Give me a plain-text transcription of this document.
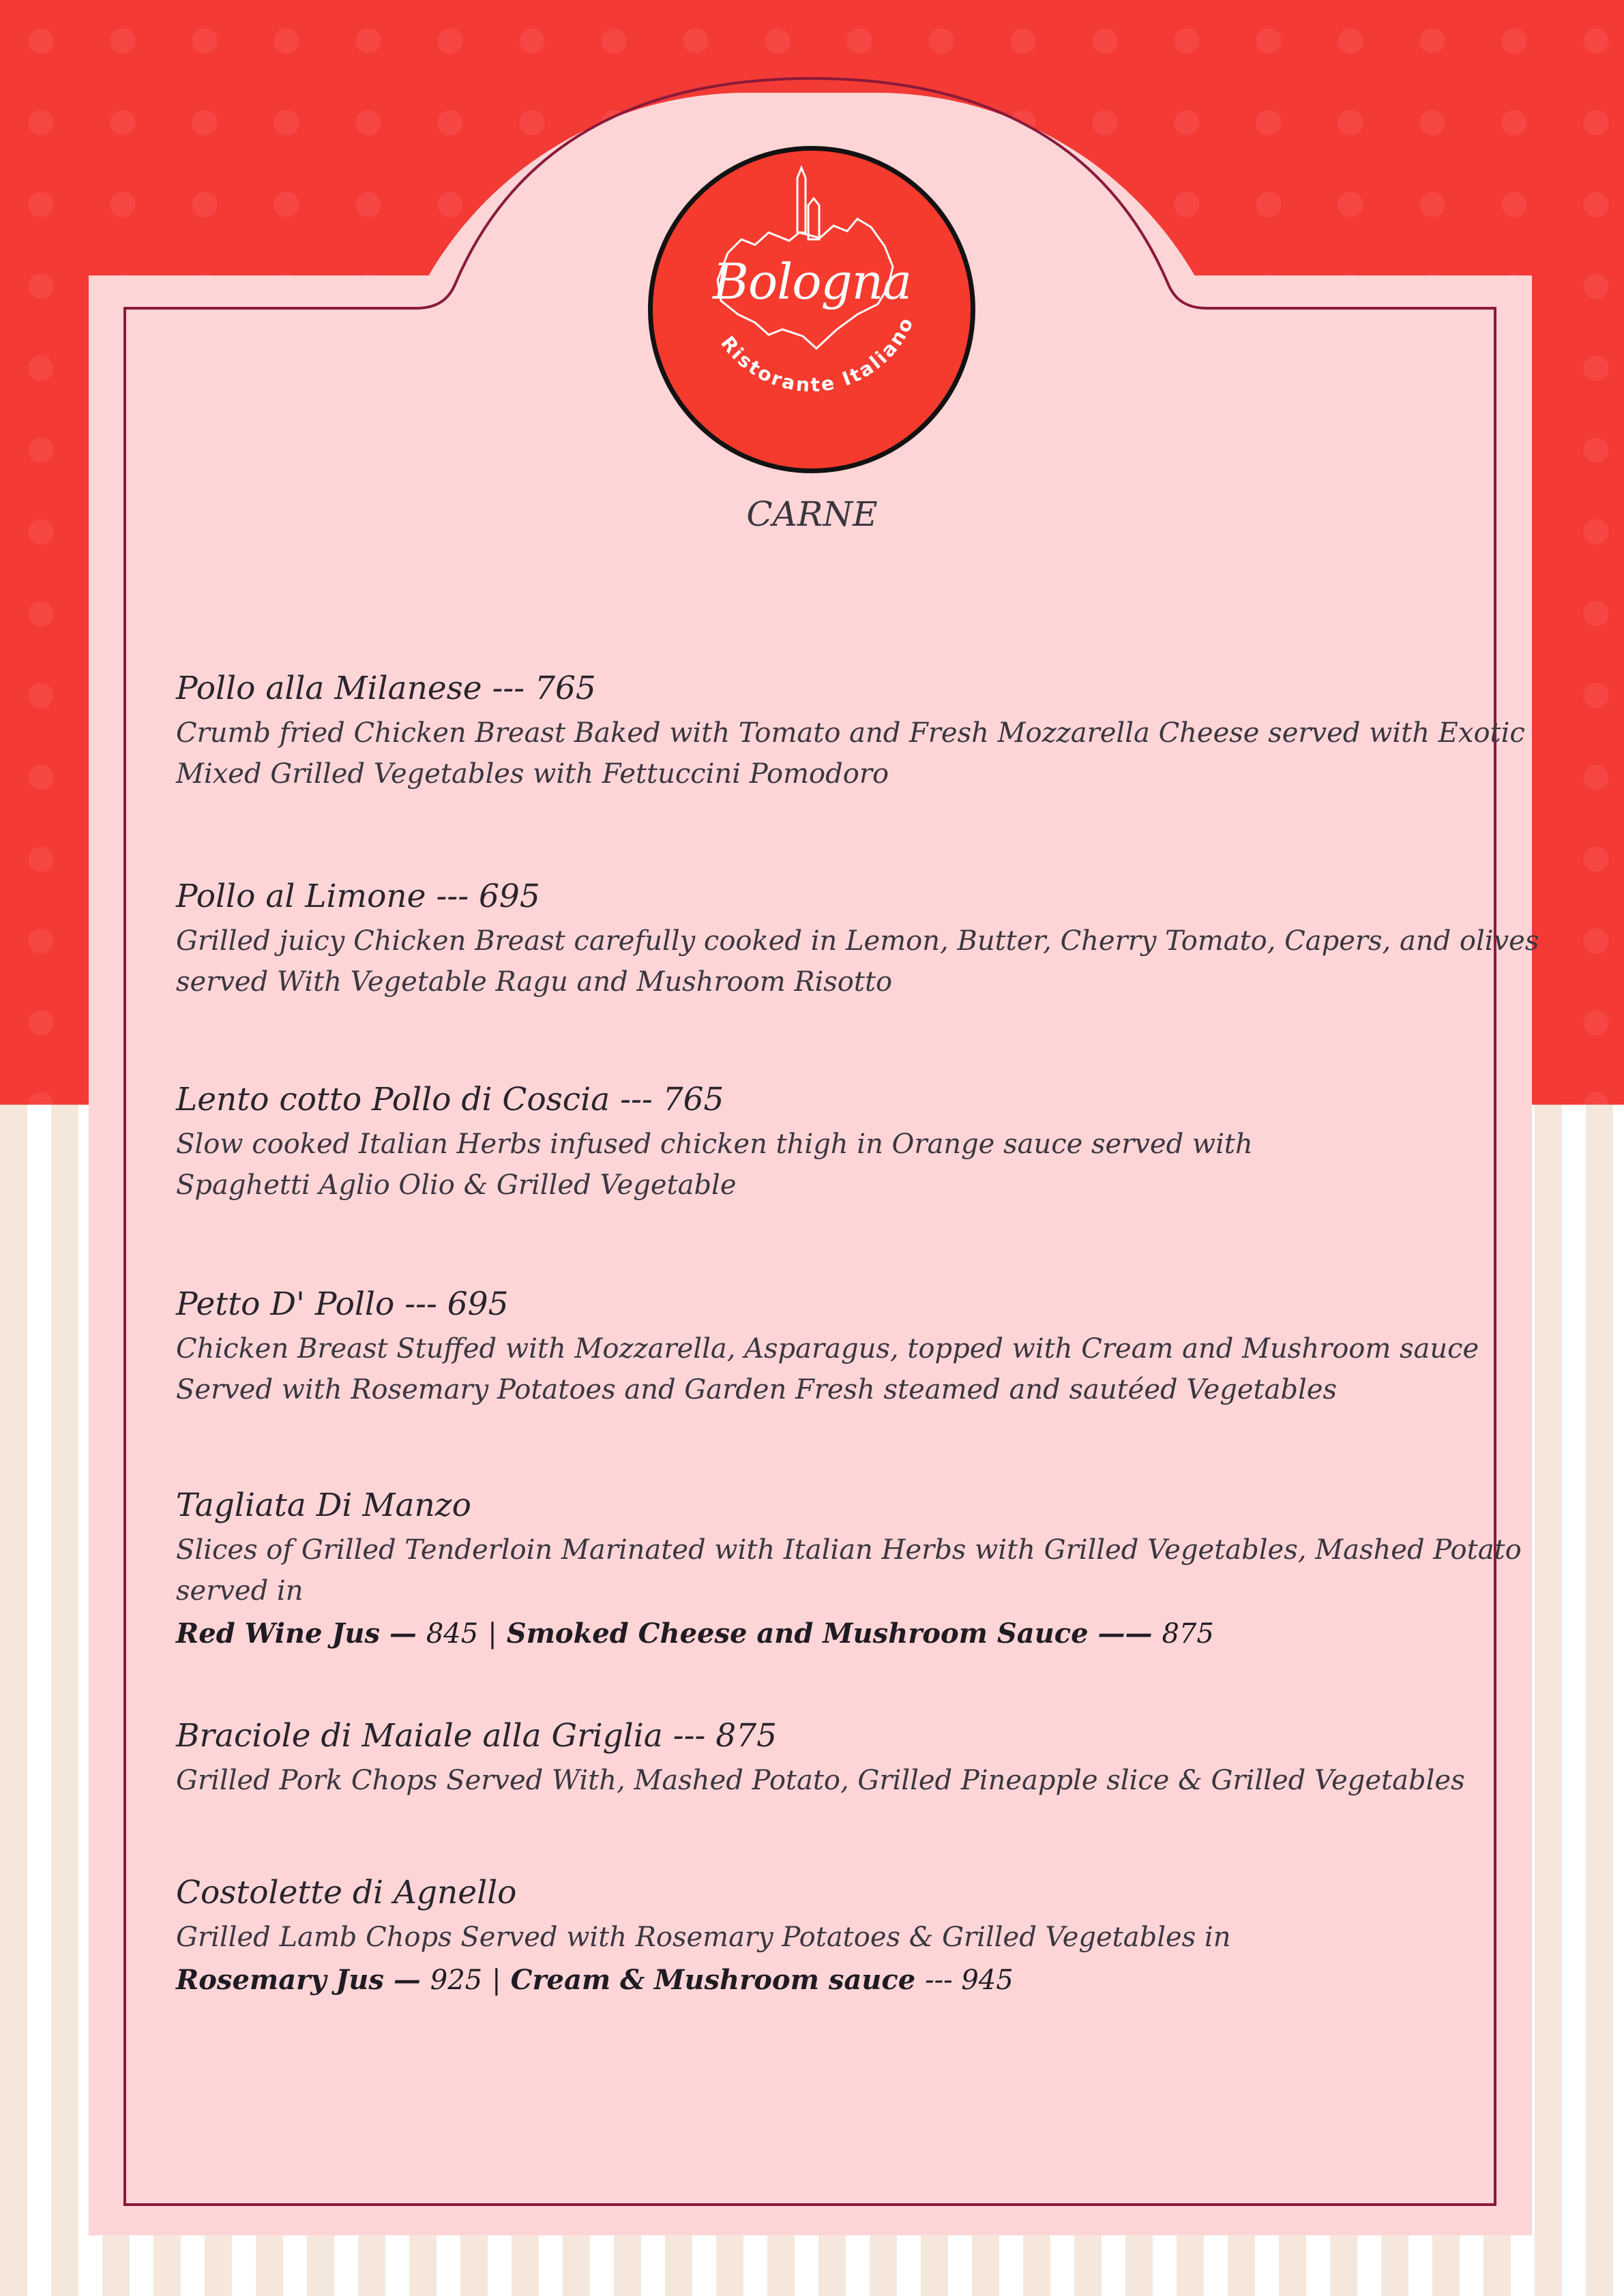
Bologna
Ristorante Italiano
CARNE
Pollo alla Milanese --- 765
Crumb fried Chicken Breast Baked with Tomato and Fresh Mozzarella Cheese served with Exotic
Mixed Grilled Vegetables with Fettuccini Pomodoro
Pollo al Limone --- 695
Grilled juicy Chicken Breast carefully cooked in Lemon, Butter, Cherry Tomato, Capers, and olives
served With Vegetable Ragu and Mushroom Risotto
Lento cotto Pollo di Coscia --- 765
Slow cooked Italian Herbs infused chicken thigh in Orange sauce served with
Spaghetti Aglio Olio & Grilled Vegetable
Petto D' Pollo --- 695
Chicken Breast Stuffed with Mozzarella, Asparagus, topped with Cream and Mushroom sauce
Served with Rosemary Potatoes and Garden Fresh steamed and sautéed Vegetables
Tagliata Di Manzo
Slices of Grilled Tenderloin Marinated with Italian Herbs with Grilled Vegetables, Mashed Potato
served in
Red Wine Jus — 845 | Smoked Cheese and Mushroom Sauce —— 875
Braciole di Maiale alla Griglia --- 875
Grilled Pork Chops Served With, Mashed Potato, Grilled Pineapple slice & Grilled Vegetables
Costolette di Agnello
Grilled Lamb Chops Served with Rosemary Potatoes & Grilled Vegetables in
Rosemary Jus — 925 | Cream & Mushroom sauce --- 945
